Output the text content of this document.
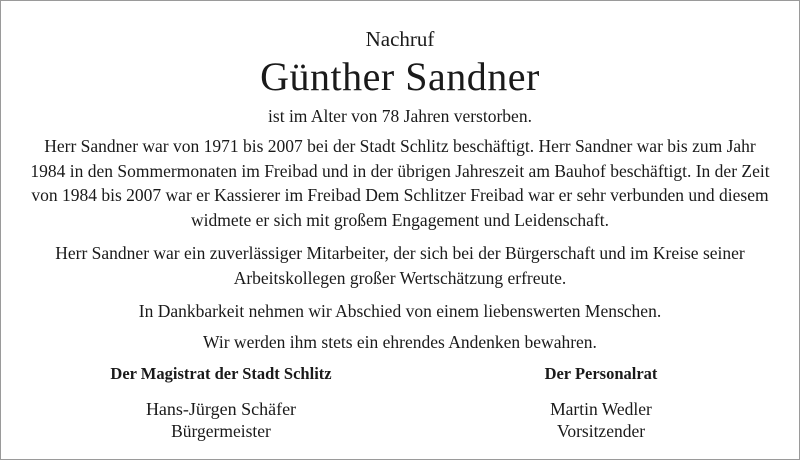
Nachruf
Günther Sandner
ist im Alter von 78 Jahren verstorben.

Herr Sandner war von 1971 bis 2007 bei der Stadt Schlitz beschäftigt. Herr Sandner war bis zum Jahr 1984 in den Sommermonaten im Freibad und in der übrigen Jahreszeit am Bauhof beschäftigt. In der Zeit von 1984 bis 2007 war er Kassierer im Freibad Dem Schlitzer Freibad war er sehr verbunden und diesem widmete er sich mit großem Engagement und Leidenschaft.

Herr Sandner war ein zuverlässiger Mitarbeiter, der sich bei der Bürgerschaft und im Kreise seiner Arbeitskollegen großer Wertschätzung erfreute.

In Dankbarkeit nehmen wir Abschied von einem liebenswerten Menschen.

Wir werden ihm stets ein ehrendes Andenken bewahren.

Der Magistrat der Stadt Schlitz
Hans-Jürgen Schäfer
Bürgermeister
Der Personalrat
Martin Wedler
Vorsitzender
